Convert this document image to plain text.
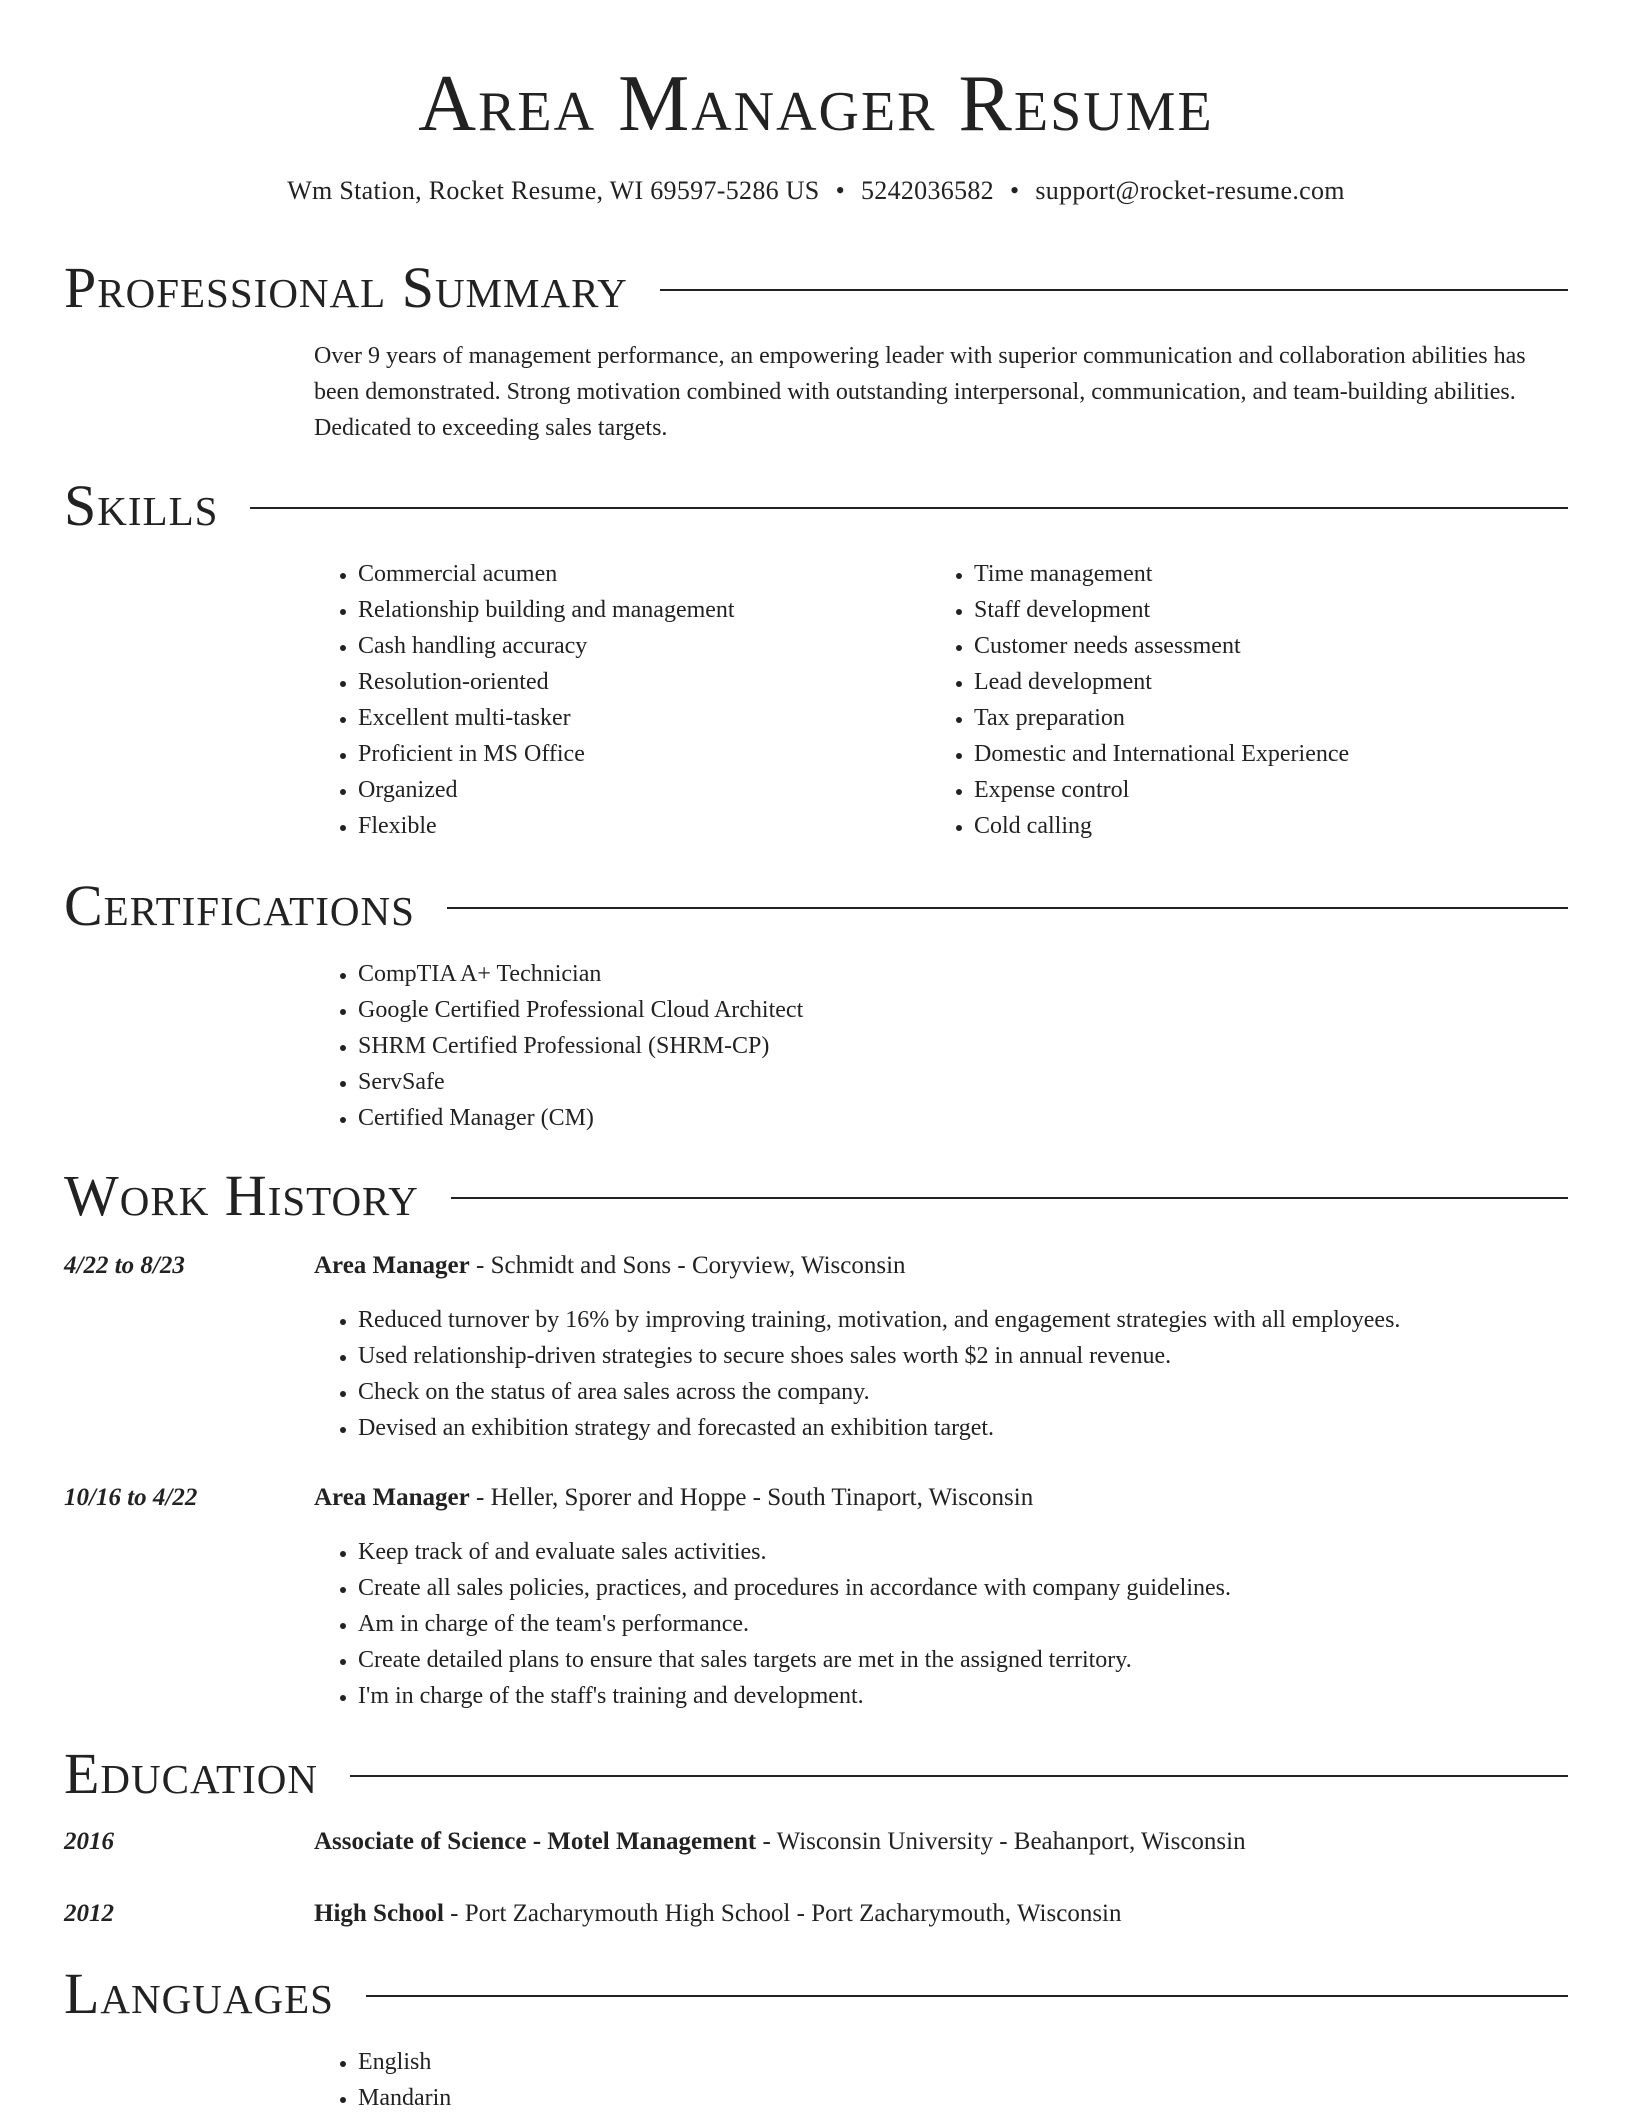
Area Manager Resume
Wm Station, Rocket Resume, WI 69597-5286 US • 5242036582 • support@rocket-resume.com
Professional Summary

Over 9 years of management performance, an empowering leader with superior communication and collaboration abilities has been demonstrated. Strong motivation combined with outstanding interpersonal, communication, and team-building abilities. Dedicated to exceeding sales targets.

Skills
• Commercial acumen
• Relationship building and management
• Cash handling accuracy
• Resolution-oriented
• Excellent multi-tasker
• Proficient in MS Office
• Organized
• Flexible
• Time management
• Staff development
• Customer needs assessment
• Lead development
• Tax preparation
• Domestic and International Experience
• Expense control
• Cold calling
Certifications
• CompTIA A+ Technician
• Google Certified Professional Cloud Architect
• SHRM Certified Professional (SHRM-CP)
• ServSafe
• Certified Manager (CM)
Work History
4/22 to 8/23	Area Manager - Schmidt and Sons - Coryview, Wisconsin
• Reduced turnover by 16% by improving training, motivation, and engagement strategies with all employees.
• Used relationship-driven strategies to secure shoes sales worth $2 in annual revenue.
• Check on the status of area sales across the company.
• Devised an exhibition strategy and forecasted an exhibition target.
10/16 to 4/22	Area Manager - Heller, Sporer and Hoppe - South Tinaport, Wisconsin
• Keep track of and evaluate sales activities.
• Create all sales policies, practices, and procedures in accordance with company guidelines.
• Am in charge of the team's performance.
• Create detailed plans to ensure that sales targets are met in the assigned territory.
• I'm in charge of the staff's training and development.
Education
2016	Associate of Science - Motel Management - Wisconsin University - Beahanport, Wisconsin
2012	High School - Port Zacharymouth High School - Port Zacharymouth, Wisconsin
Languages
• English
• Mandarin
